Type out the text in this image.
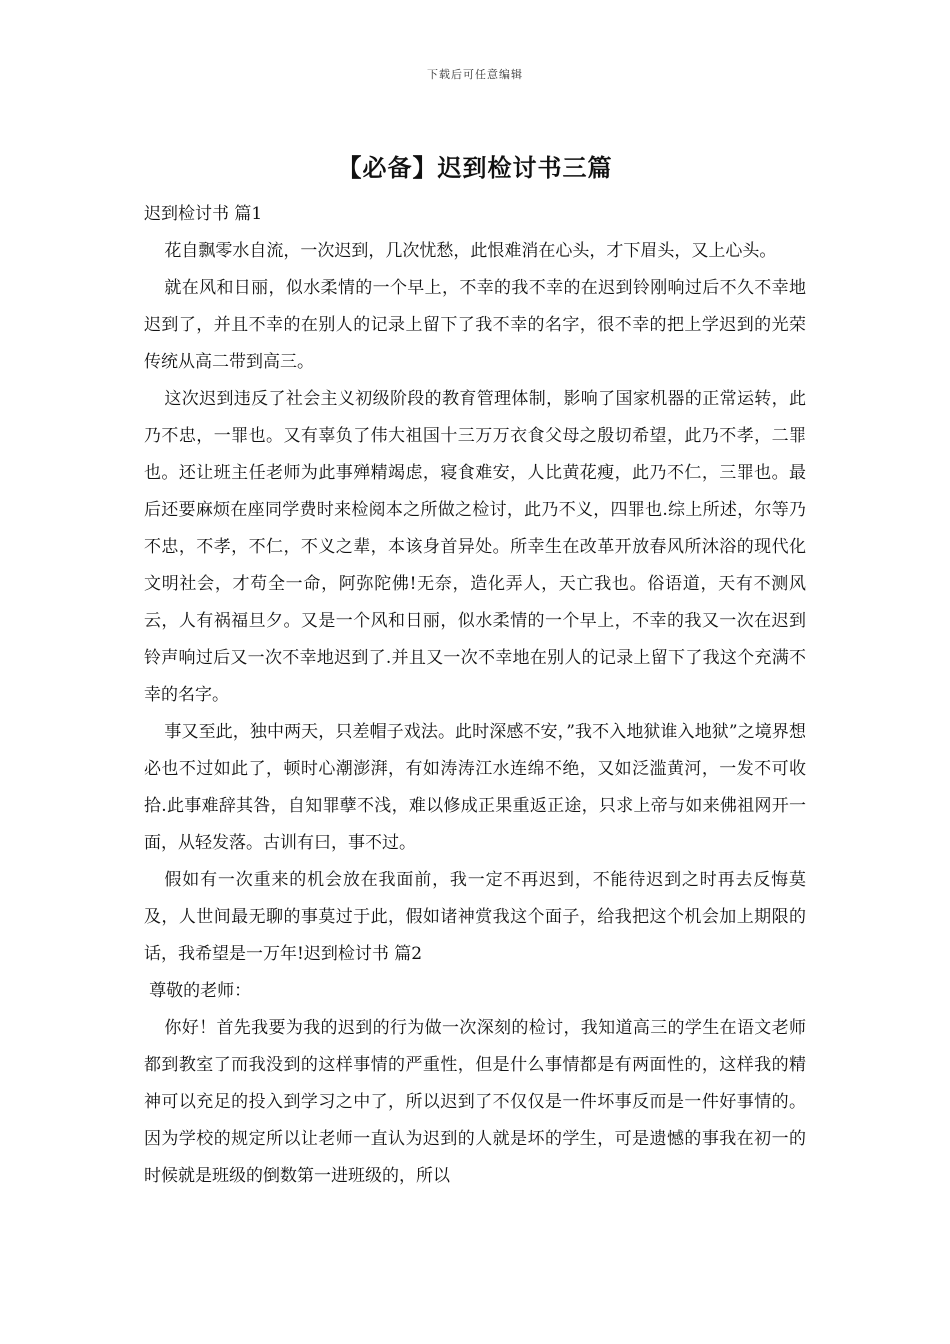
下载后可任意编辑
【必备】迟到检讨书三篇

迟到检讨书 篇1

花自飘零水自流，一次迟到，几次忧愁，此恨难消在心头，才下眉头，又上心头。

就在风和日丽，似水柔情的一个早上，不幸的我不幸的在迟到铃刚响过后不久不幸地迟到了，并且不幸的在别人的记录上留下了我不幸的名字，很不幸的把上学迟到的光荣传统从高二带到高三。

这次迟到违反了社会主义初级阶段的教育管理体制，影响了国家机器的正常运转，此乃不忠，一罪也。又有辜负了伟大祖国十三万万衣食父母之殷切希望，此乃不孝，二罪也。还让班主任老师为此事殚精竭虑，寝食难安，人比黄花瘦，此乃不仁，三罪也。最后还要麻烦在座同学费时来检阅本之所做之检讨，此乃不义，四罪也.综上所述，尔等乃不忠，不孝，不仁，不义之辈，本该身首异处。所幸生在改革开放春风所沐浴的现代化文明社会，才苟全一命，阿弥陀佛!无奈，造化弄人，天亡我也。俗语道，天有不测风云，人有祸福旦夕。又是一个风和日丽，似水柔情的一个早上，不幸的我又一次在迟到铃声响过后又一次不幸地迟到了.并且又一次不幸地在别人的记录上留下了我这个充满不幸的名字。

事又至此，独中两天，只差帽子戏法。此时深感不安，”我不入地狱谁入地狱”之境界想必也不过如此了，顿时心潮澎湃，有如涛涛江水连绵不绝，又如泛滥黄河，一发不可收拾.此事难辞其咎，自知罪孽不浅，难以修成正果重返正途，只求上帝与如来佛祖网开一面，从轻发落。古训有曰，事不过。

假如有一次重来的机会放在我面前，我一定不再迟到，不能待迟到之时再去反悔莫及，人世间最无聊的事莫过于此，假如诸神赏我这个面子，给我把这个机会加上期限的话，我希望是一万年!迟到检讨书 篇2

尊敬的老师：

你好！首先我要为我的迟到的行为做一次深刻的检讨，我知道高三的学生在语文老师都到教室了而我没到的这样事情的严重性，但是什么事情都是有两面性的，这样我的精神可以充足的投入到学习之中了，所以迟到了不仅仅是一件坏事反而是一件好事情的。因为学校的规定所以让老师一直认为迟到的人就是坏的学生，可是遗憾的事我在初一的时候就是班级的倒数第一进班级的，所以
